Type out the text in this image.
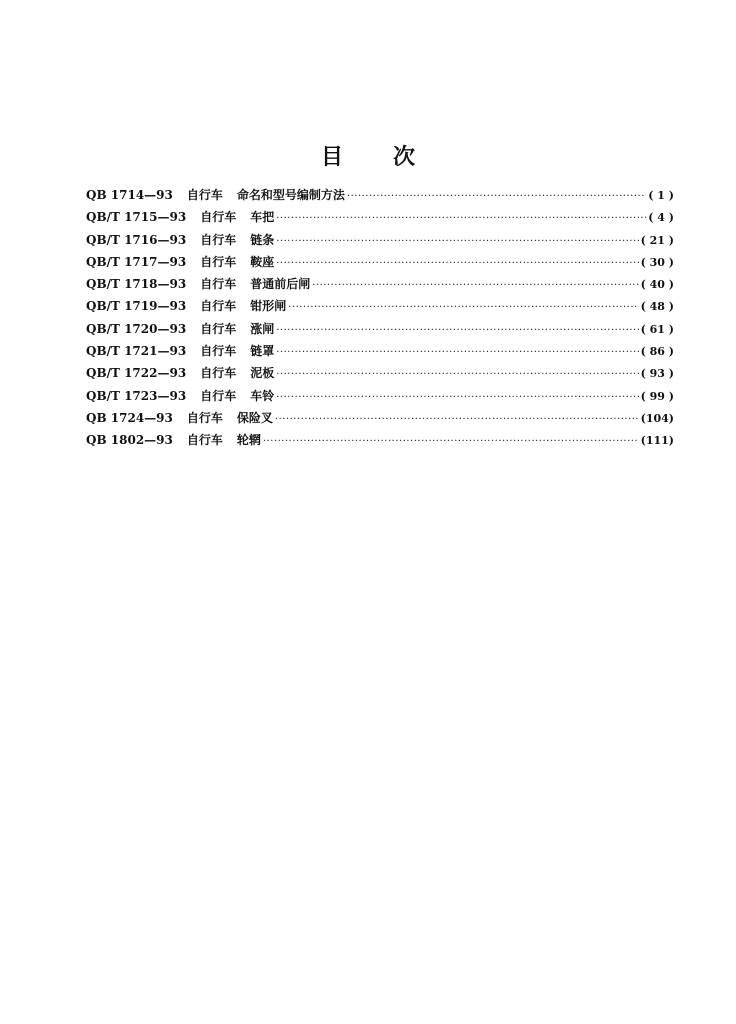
目 次
QB 1714—93 自行车 命名和型号编制方法 ·····	( 1 )
QB/T 1715—93 自行车 车把 ·····	( 4 )
QB/T 1716—93 自行车 链条 ·····	( 21 )
QB/T 1717—93 自行车 鞍座 ·····	( 30 )
QB/T 1718—93 自行车 普通前后闸 ·····	( 40 )
QB/T 1719—93 自行车 钳形闸 ·····	( 48 )
QB/T 1720—93 自行车 涨闸 ·····	( 61 )
QB/T 1721—93 自行车 链罩 ·····	( 86 )
QB/T 1722—93 自行车 泥板 ·····	( 93 )
QB/T 1723—93 自行车 车铃 ·····	( 99 )
QB 1724—93 自行车 保险叉 ·····	(104)
QB 1802—93 自行车 轮辋 ·····	(111)
